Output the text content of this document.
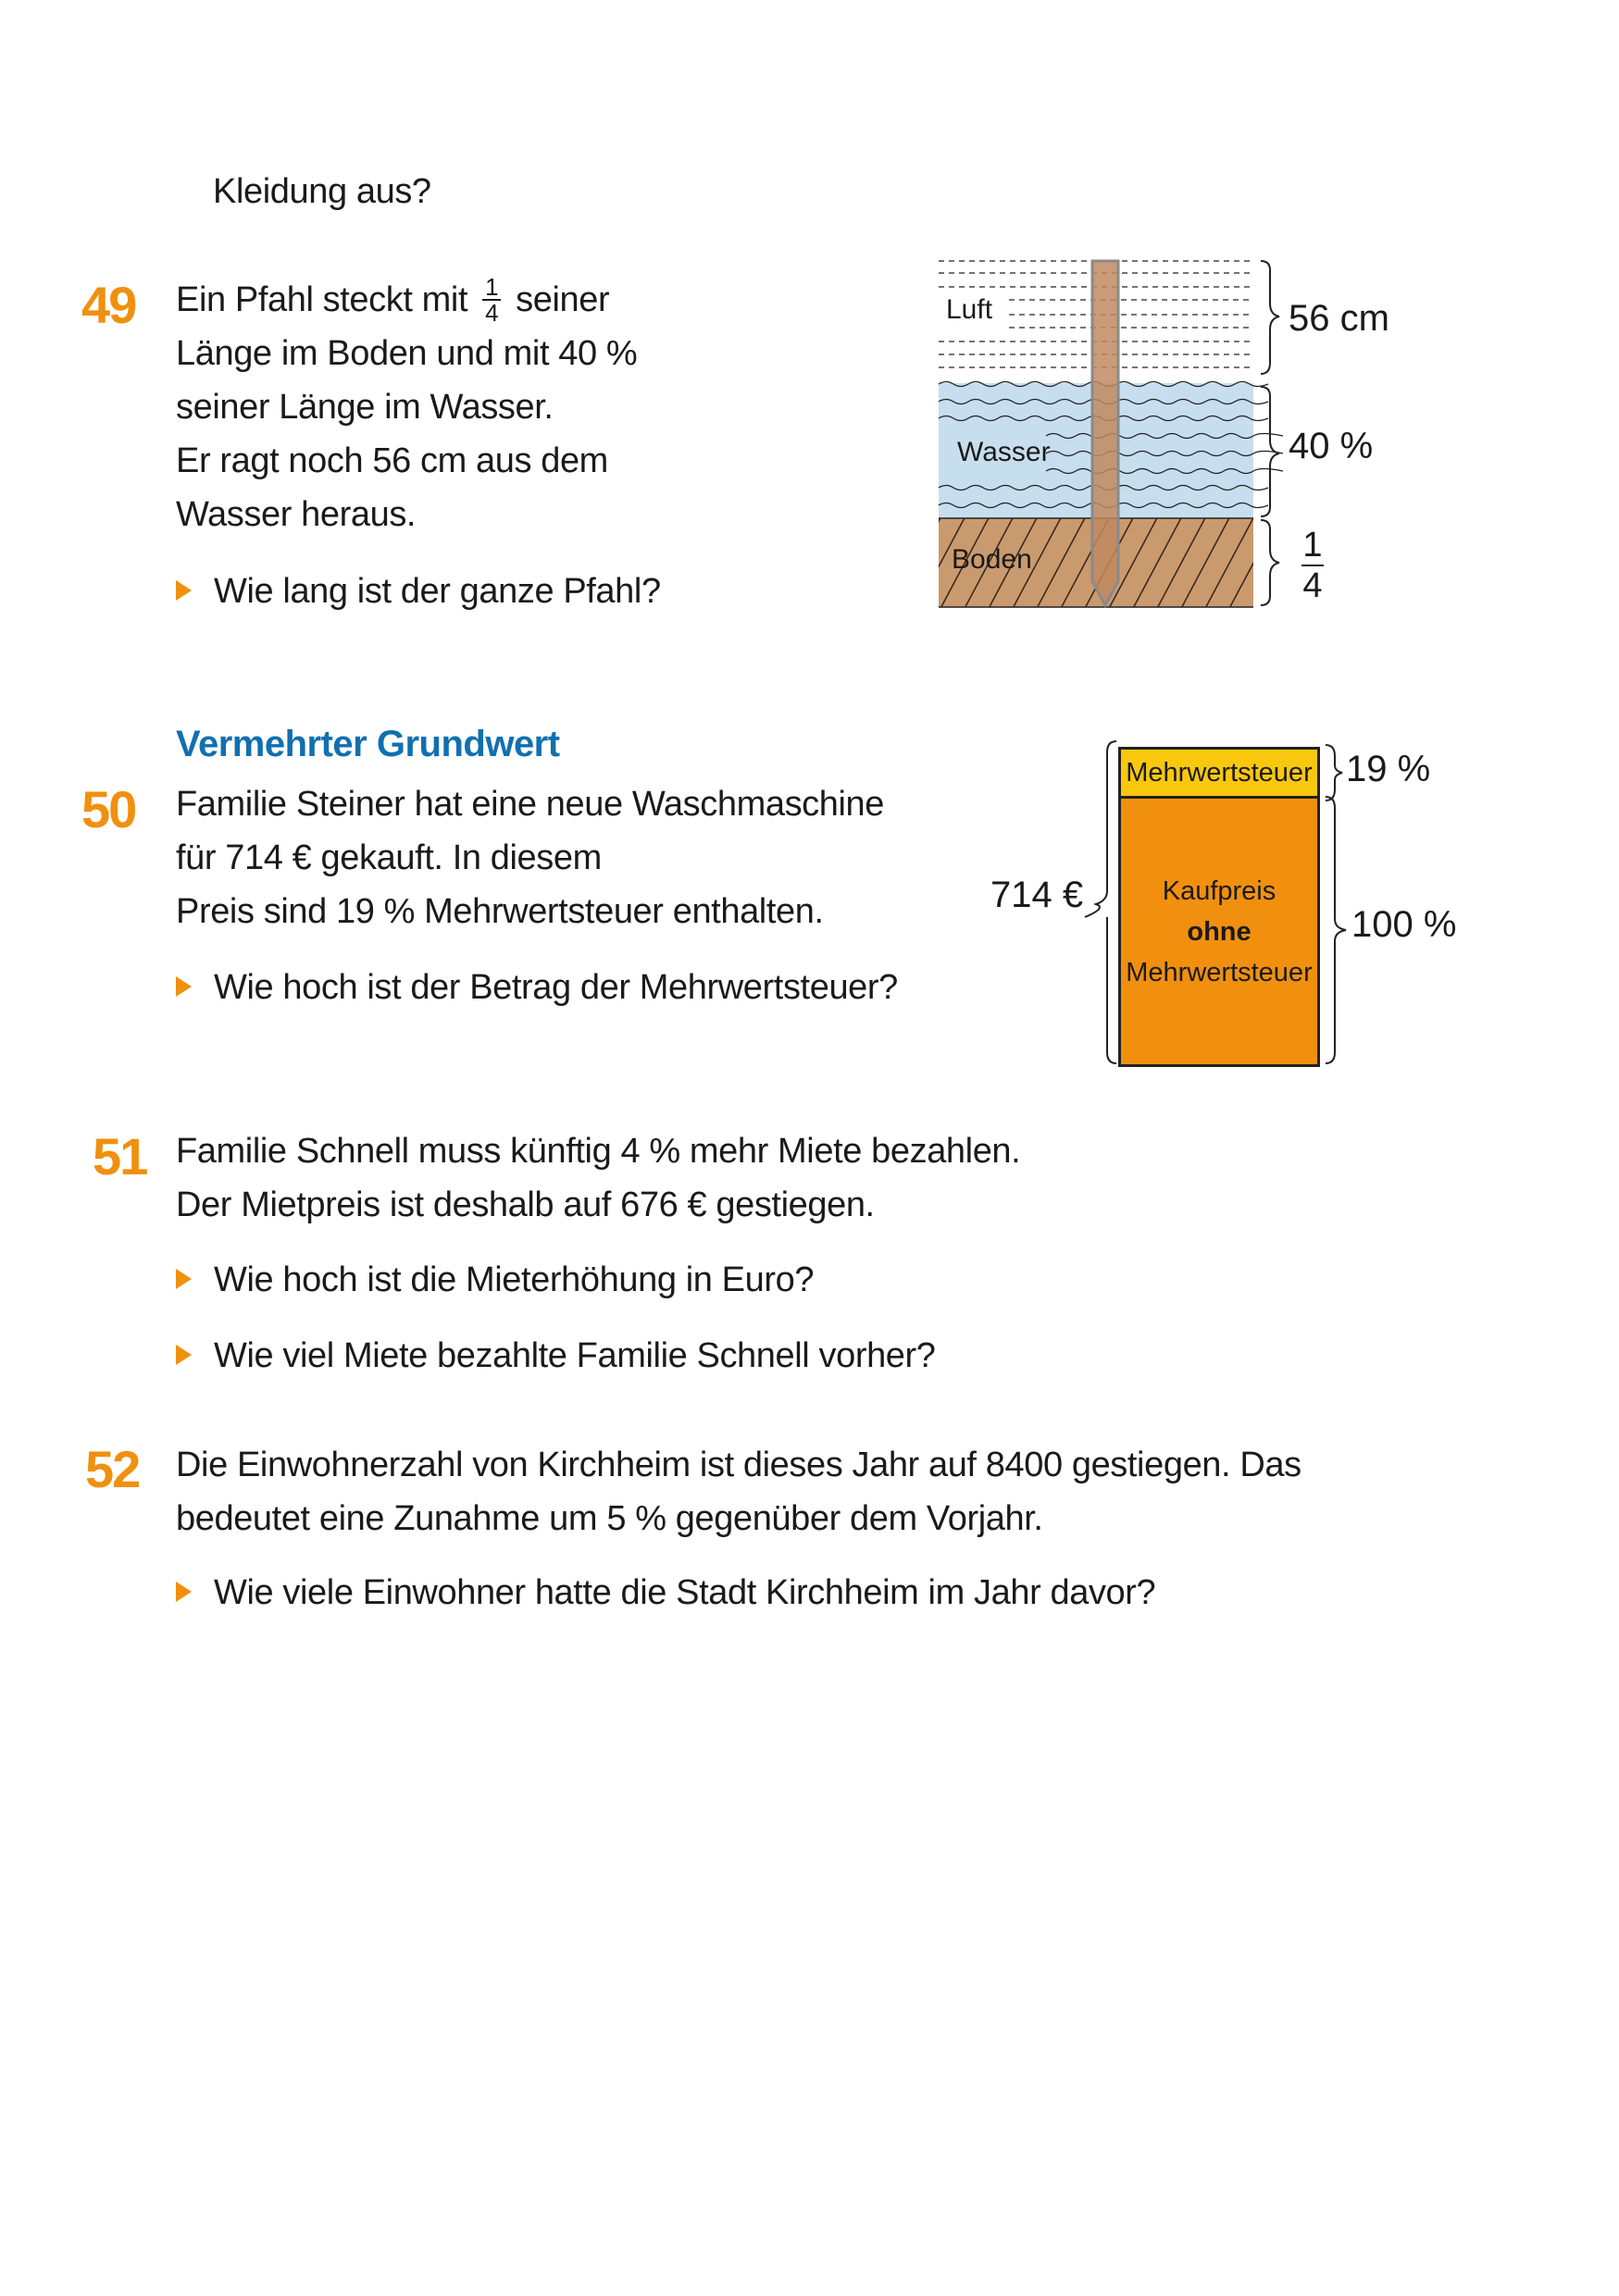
Kleidung aus?
49 Ein Pfahl steckt mit $\frac{1}{4}$ seiner
Länge im Boden und mit 40 %
seiner Länge im Wasser.
Er ragt noch 56 cm aus dem
Wasser heraus.
Wie lang ist der ganze Pfahl?
Luft
Wasser
Boden
56 cm
40 %
1
4
Vermehrter Grundwert
50 Familie Steiner hat eine neue Waschmaschine
für 714 € gekauft. In diesem
Preis sind 19 % Mehrwertsteuer enthalten.
Wie hoch ist der Betrag der Mehrwertsteuer?
714 €
Mehrwertsteuer
Kaufpreis
ohne
Mehrwertsteuer
19 %
100 %
51 Familie Schnell muss künftig 4 % mehr Miete bezahlen.
Der Mietpreis ist deshalb auf 676 € gestiegen.
Wie hoch ist die Mieterhöhung in Euro?
Wie viel Miete bezahlte Familie Schnell vorher?
52 Die Einwohnerzahl von Kirchheim ist dieses Jahr auf 8400 gestiegen. Das
bedeutet eine Zunahme um 5 % gegenüber dem Vorjahr.
Wie viele Einwohner hatte die Stadt Kirchheim im Jahr davor?
